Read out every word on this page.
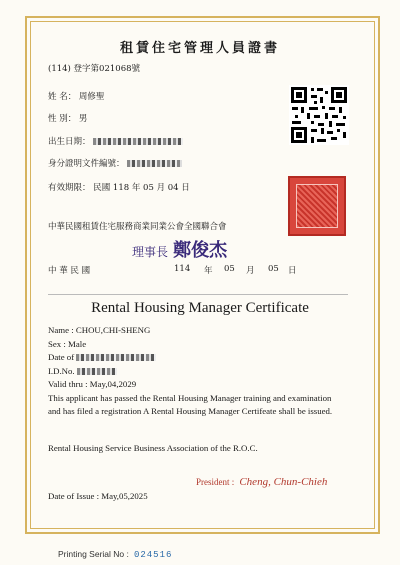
租賃住宅管理人員證書
(114) 登字第021068號
姓 名： 周修聖
性 別： 男
出生日期：
身分證明文件編號：
有效期限： 民國 118 年 05 月 04 日
中華民國租賃住宅服務商業同業公會全國聯合會
理事長 鄭俊杰
中 華 民 國	114 年 05 月 05 日
Rental Housing Manager Certificate
Name : CHOU,CHI-SHENG
Sex : Male
Date of
I.D.No.
Valid thru : May,04,2029
This applicant has passed the Rental Housing Manager training and examination
and has filed a registration A Rental Housing Manager Certifeate shall be issued.
Rental Housing Service Business Association of the R.O.C.
President : Cheng, Chun-Chieh
Date of Issue : May,05,2025
Printing Serial No : 024516
